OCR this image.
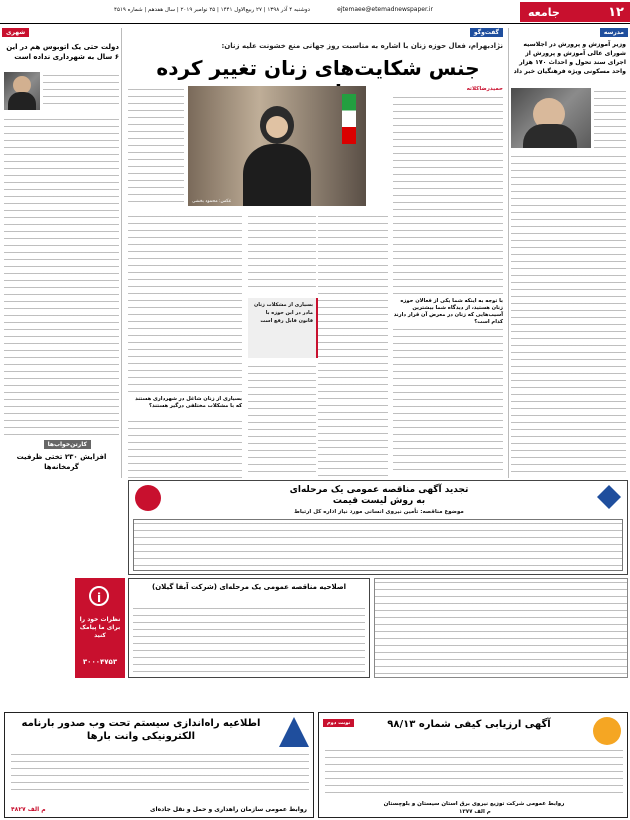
۱۲
جامعه
ejtemaee@etemadnewspaper.ir
دوشنبه ۴ آذر ۱۳۹۸ | ۲۷ ربیع‌الاول ۱۴۴۱ | ۲۵ نوامبر ۲۰۱۹ | سال هفدهم | شماره ۴۵۱۹
مدرسه
وزیر آموزش و پرورش در اجلاسیه شورای عالی آموزش و پرورش از اجرای سند تحول و احداث ۱۷۰ هزار واحد مسکونی ویژه فرهنگیان خبر داد
گفت‌وگو
نژادبهرام، فعال حوزه زنان با اشاره به مناسبت روز جهانی منع خشونت علیه زنان:
جنس شکایت‌های زنان تغییر کرده
عکس: محمود بخشی
حمیدرضاکلاته
با توجه به اینکه شما یکی از فعالان حوزه زنان هستید، از دیدگاه شما بیشترین آسیب‌هایی که زنان در معرض آن قرار دارند کدام است؟
بسیاری از مشکلات زنان مادر در این حوزه با قانون قابل رفع است
بسیاری از زنان شاغل در شهرداری هستند که با مشکلات مختلفی درگیر هستند؟
شهری
دولت حتی یک اتوبوس هم در این ۶ سال به شهرداری نداده است
کارتن‌خواب‌ها
افزایش ۲۳۰ تختی ظرفیت گرمخانه‌ها
تجدید آگهی مناقصه عمومی یک مرحله‌ای به روش لیست قیمت
موضوع مناقصه: تأمین نیروی انسانی مورد نیاز اداره کل ارتباط
اصلاحیه مناقصه عمومی یک مرحله‌ای (شرکت آبفا گیلان)
i
نظرات خود را برای ما پیامک کنید
۳۰۰۰۴۷۵۳
اطلاعیه راه‌اندازی سیستم تحت وب صدور بارنامه الکترونیکی وانت بارها
روابط عمومی سازمان راهداری و حمل و نقل جاده‌ای
م الف ۴۸۲۷
آگهی ارزیابی کیفی شماره ۹۸/۱۳
نوبت دوم
روابط عمومی شرکت توزیع نیروی برق استان سیستان و بلوچستان
م الف ۱۳۷۷
